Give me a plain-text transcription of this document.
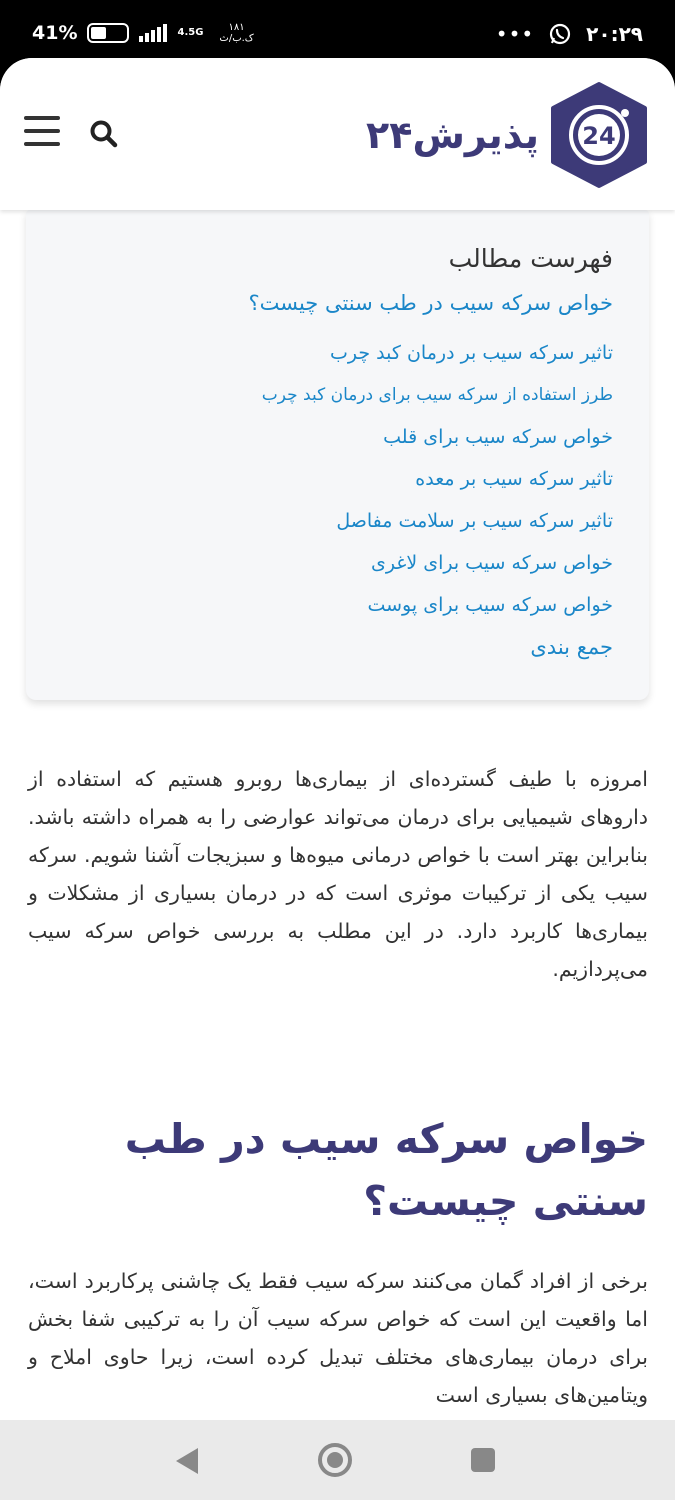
41%	4.5G	۱۸۱
ک.ب/ث	•••	۲۰:۲۹
پذیرش۲۴ 24
فهرست مطالب
خواص سرکه سیب در طب سنتی چیست؟
تاثیر سرکه سیب بر درمان کبد چرب
طرز استفاده از سرکه سیب برای درمان کبد چرب
خواص سرکه سیب برای قلب
تاثیر سرکه سیب بر معده
تاثیر سرکه سیب بر سلامت مفاصل
خواص سرکه سیب برای لاغری
خواص سرکه سیب برای پوست
جمع بندی

امروزه با طیف گسترده‌ای از بیماری‌ها روبرو هستیم که استفاده از داروهای شیمیایی برای درمان می‌تواند عوارضی را به همراه داشته باشد. بنابراین بهتر است با خواص درمانی میوه‌ها و سبزیجات آشنا شویم. سرکه سیب یکی از ترکیبات موثری است که در درمان بسیاری از مشکلات و بیماری‌ها کاربرد دارد. در این مطلب به بررسی خواص سرکه سیب می‌پردازیم.

خواص سرکه سیب در طب سنتی چیست؟

برخی از افراد گمان می‌کنند سرکه سیب فقط یک چاشنی پرکاربرد است، اما واقعیت این است که خواص سرکه سیب آن را به ترکیبی شفا بخش برای درمان بیماری‌های مختلف تبدیل کرده است، زیرا حاوی املاح و ویتامین‌های بسیاری است
